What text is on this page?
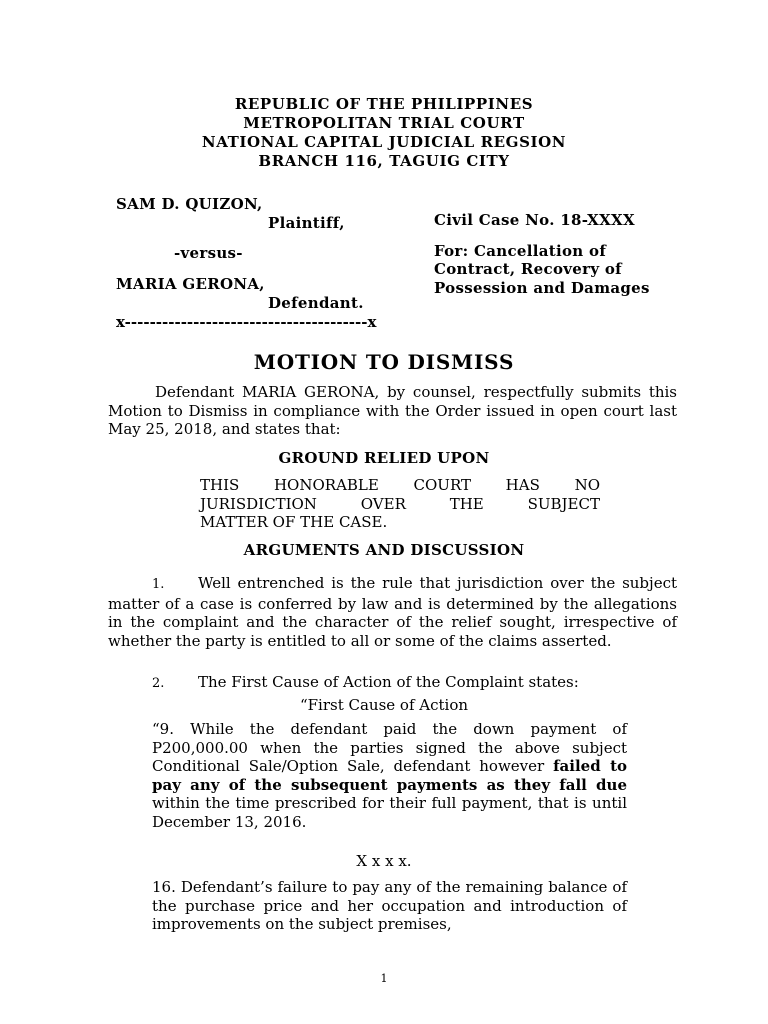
REPUBLIC OF THE PHILIPPINES
METROPOLITAN TRIAL COURT
NATIONAL CAPITAL JUDICIAL REGSION
BRANCH 116, TAGUIG CITY
SAM D. QUIZON,
Plaintiff,
-versus-
MARIA GERONA,
Defendant.
x---------------------------------------x
Civil Case No. 18-XXXX
For: Cancellation of
Contract, Recovery of
Possession and Damages
MOTION TO DISMISS
Defendant MARIA GERONA, by counsel, respectfully submits this Motion to Dismiss in compliance with the Order issued in open court last May 25, 2018, and states that:
GROUND RELIED UPON
THIS HONORABLE COURT HAS NO
JURISDICTION OVER THE SUBJECT
MATTER OF THE CASE.
ARGUMENTS AND DISCUSSION
1. Well entrenched is the rule that jurisdiction over the subject matter of a case is conferred by law and is determined by the allegations in the complaint and the character of the relief sought, irrespective of whether the party is entitled to all or some of the claims asserted.
2. The First Cause of Action of the Complaint states:
“First Cause of Action
“9. While the defendant paid the down payment of P200,000.00 when the parties signed the above subject Conditional Sale/Option Sale, defendant however failed to pay any of the subsequent payments as they fall due within the time prescribed for their full payment, that is until December 13, 2016.
X x x x.
16. Defendant’s failure to pay any of the remaining balance of the purchase price and her occupation and introduction of improvements on the subject premises,
1
